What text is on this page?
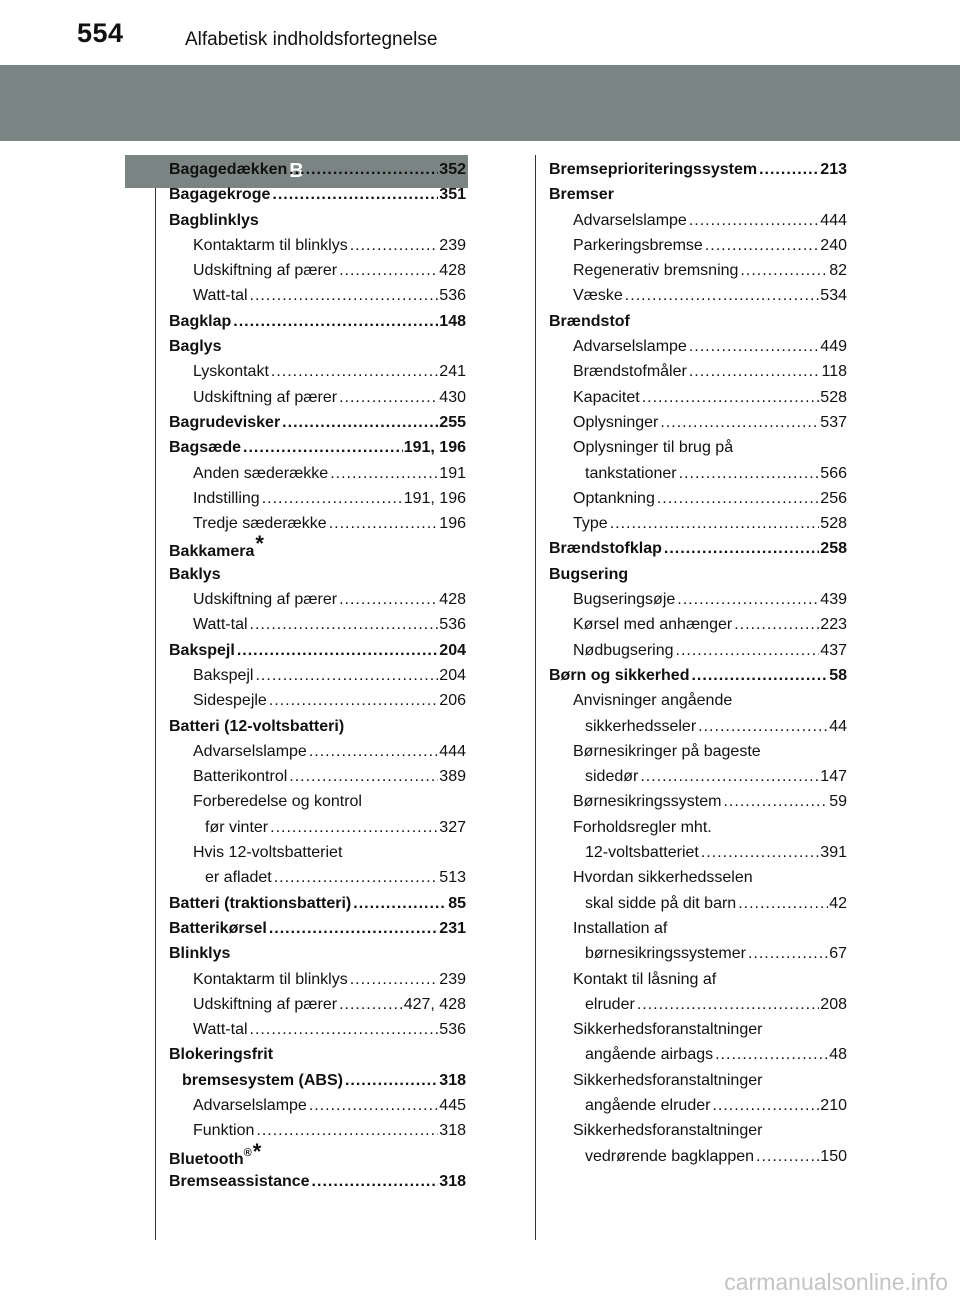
554	Alfabetisk indholdsfortegnelse
B
Bagagedækken .....	352
Bagagekroge .....	351
Bagblinklys
Kontaktarm til blinklys .....	239
Udskiftning af pærer .....	428
Watt-tal .....	536
Bagklap .....	148
Baglys
Lyskontakt .....	241
Udskiftning af pærer .....	430
Bagrudevisker .....	255
Bagsæde .....	191, 196
Anden sæderække .....	191
Indstilling .....	191, 196
Tredje sæderække .....	196
Bakkamera *
Baklys
Udskiftning af pærer .....	428
Watt-tal .....	536
Bakspejl .....	204
Bakspejl .....	204
Sidespejle .....	206
Batteri (12-voltsbatteri)
Advarselslampe .....	444
Batterikontrol .....	389
Forberedelse og kontrol
før vinter .....	327
Hvis 12-voltsbatteriet
er afladet .....	513
Batteri (traktionsbatteri) .....	85
Batterikørsel .....	231
Blinklys
Kontaktarm til blinklys .....	239
Udskiftning af pærer .....	427, 428
Watt-tal .....	536
Blokeringsfrit
bremsesystem (ABS) .....	318
Advarselslampe .....	445
Funktion .....	318
Bluetooth ® *
Bremseassistance .....	318
Bremseprioriteringssystem .....	213
Bremser
Advarselslampe .....	444
Parkeringsbremse .....	240
Regenerativ bremsning .....	82
Væske .....	534
Brændstof
Advarselslampe .....	449
Brændstofmåler .....	118
Kapacitet .....	528
Oplysninger .....	537
Oplysninger til brug på
tankstationer .....	566
Optankning .....	256
Type .....	528
Brændstofklap .....	258
Bugsering
Bugseringsøje .....	439
Kørsel med anhænger .....	223
Nødbugsering .....	437
Børn og sikkerhed .....	58
Anvisninger angående
sikkerhedsseler .....	44
Børnesikringer på bageste
sidedør .....	147
Børnesikringssystem .....	59
Forholdsregler mht.
12-voltsbatteriet .....	391
Hvordan sikkerhedsselen
skal sidde på dit barn .....	42
Installation af
børnesikringssystemer .....	67
Kontakt til låsning af
elruder .....	208
Sikkerhedsforanstaltninger
angående airbags .....	48
Sikkerhedsforanstaltninger
angående elruder .....	210
Sikkerhedsforanstaltninger
vedrørende bagklappen .....	150
carmanualsonline.info
